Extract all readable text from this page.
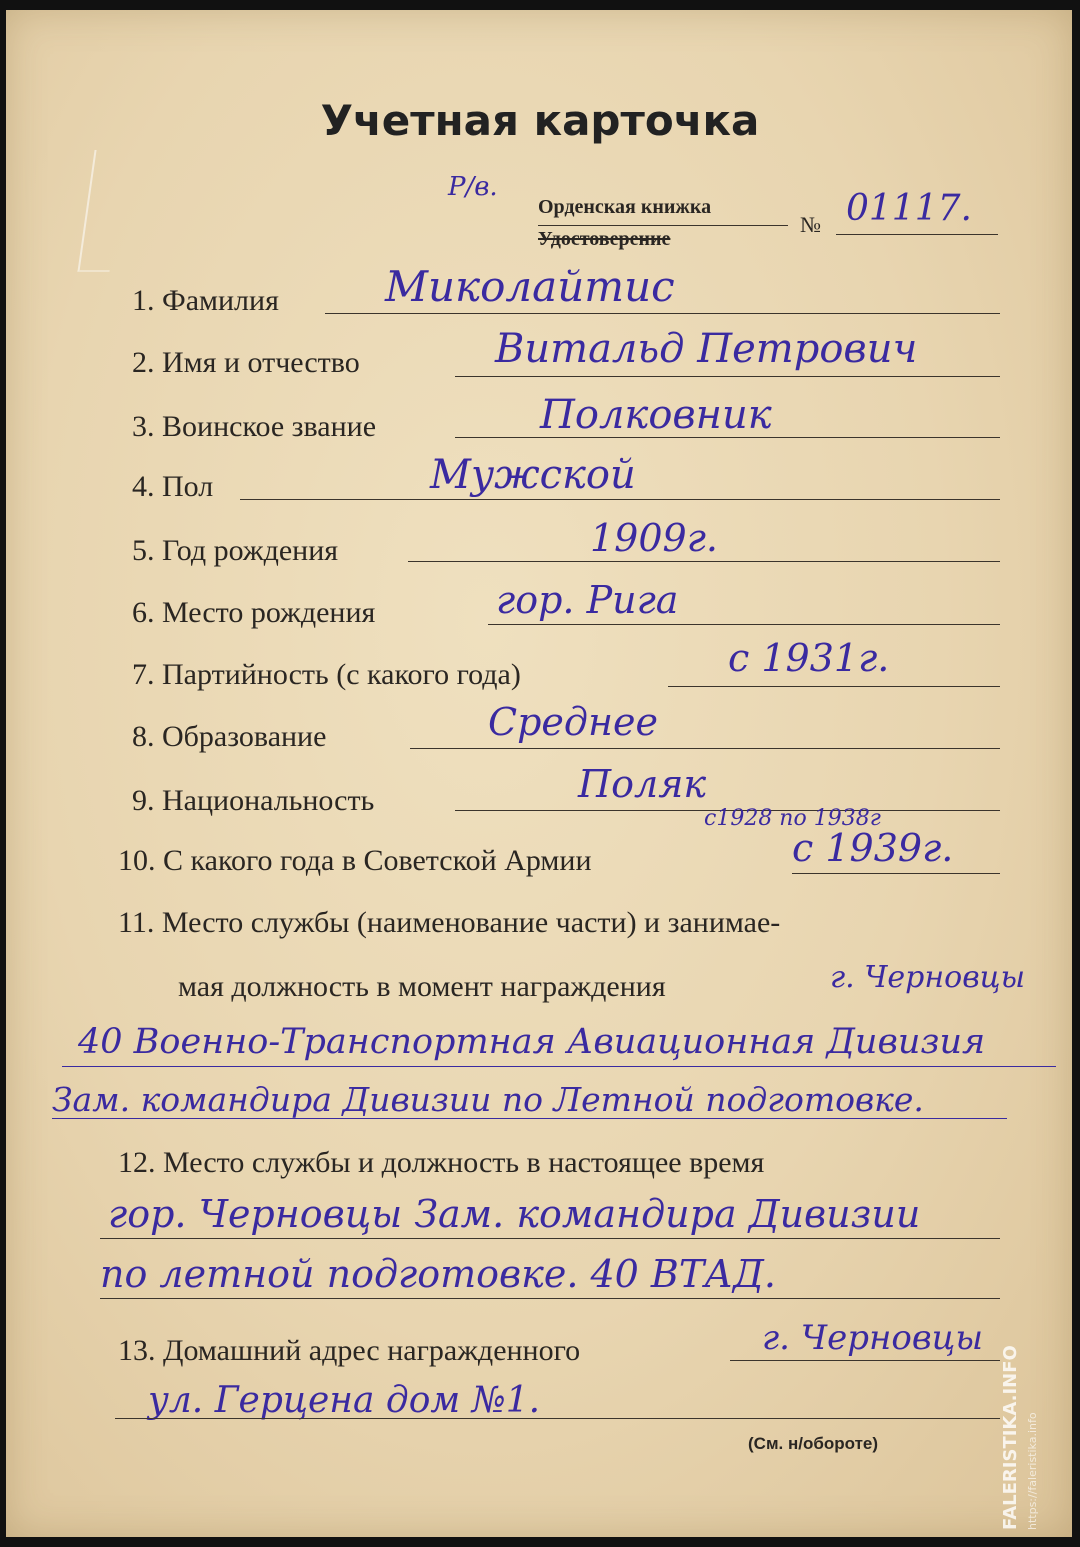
Учетная карточка
Р/в.
Орденская книжка
Удостоверение
№ 01117.
1. Фамилия	Миколайтис
2. Имя и отчество	Витальд Петрович
3. Воинское звание	Полковник
4. Пол	Мужской
5. Год рождения	1909г.
6. Место рождения	гор. Рига
7. Партийность (с какого года)	с 1931г.
8. Образование	Среднее
9. Национальность	Поляк
с1928 по 1938г
10. С какого года в Советской Армии	с 1939г.
11. Место службы (наименование части) и занимае-
мая должность в момент награждения	г. Черновцы
40 Военно-Транспортная Авиационная Дивизия
Зам. командира Дивизии по Летной подготовке.
12. Место службы и должность в настоящее время
гор. Черновцы Зам. командира Дивизии
по летной подготовке. 40 ВТАД.
13. Домашний адрес награжденного	г. Черновцы
ул. Герцена дом №1.
(См. н/обороте)	FALERISTIKA.INFO https://faleristika.info
